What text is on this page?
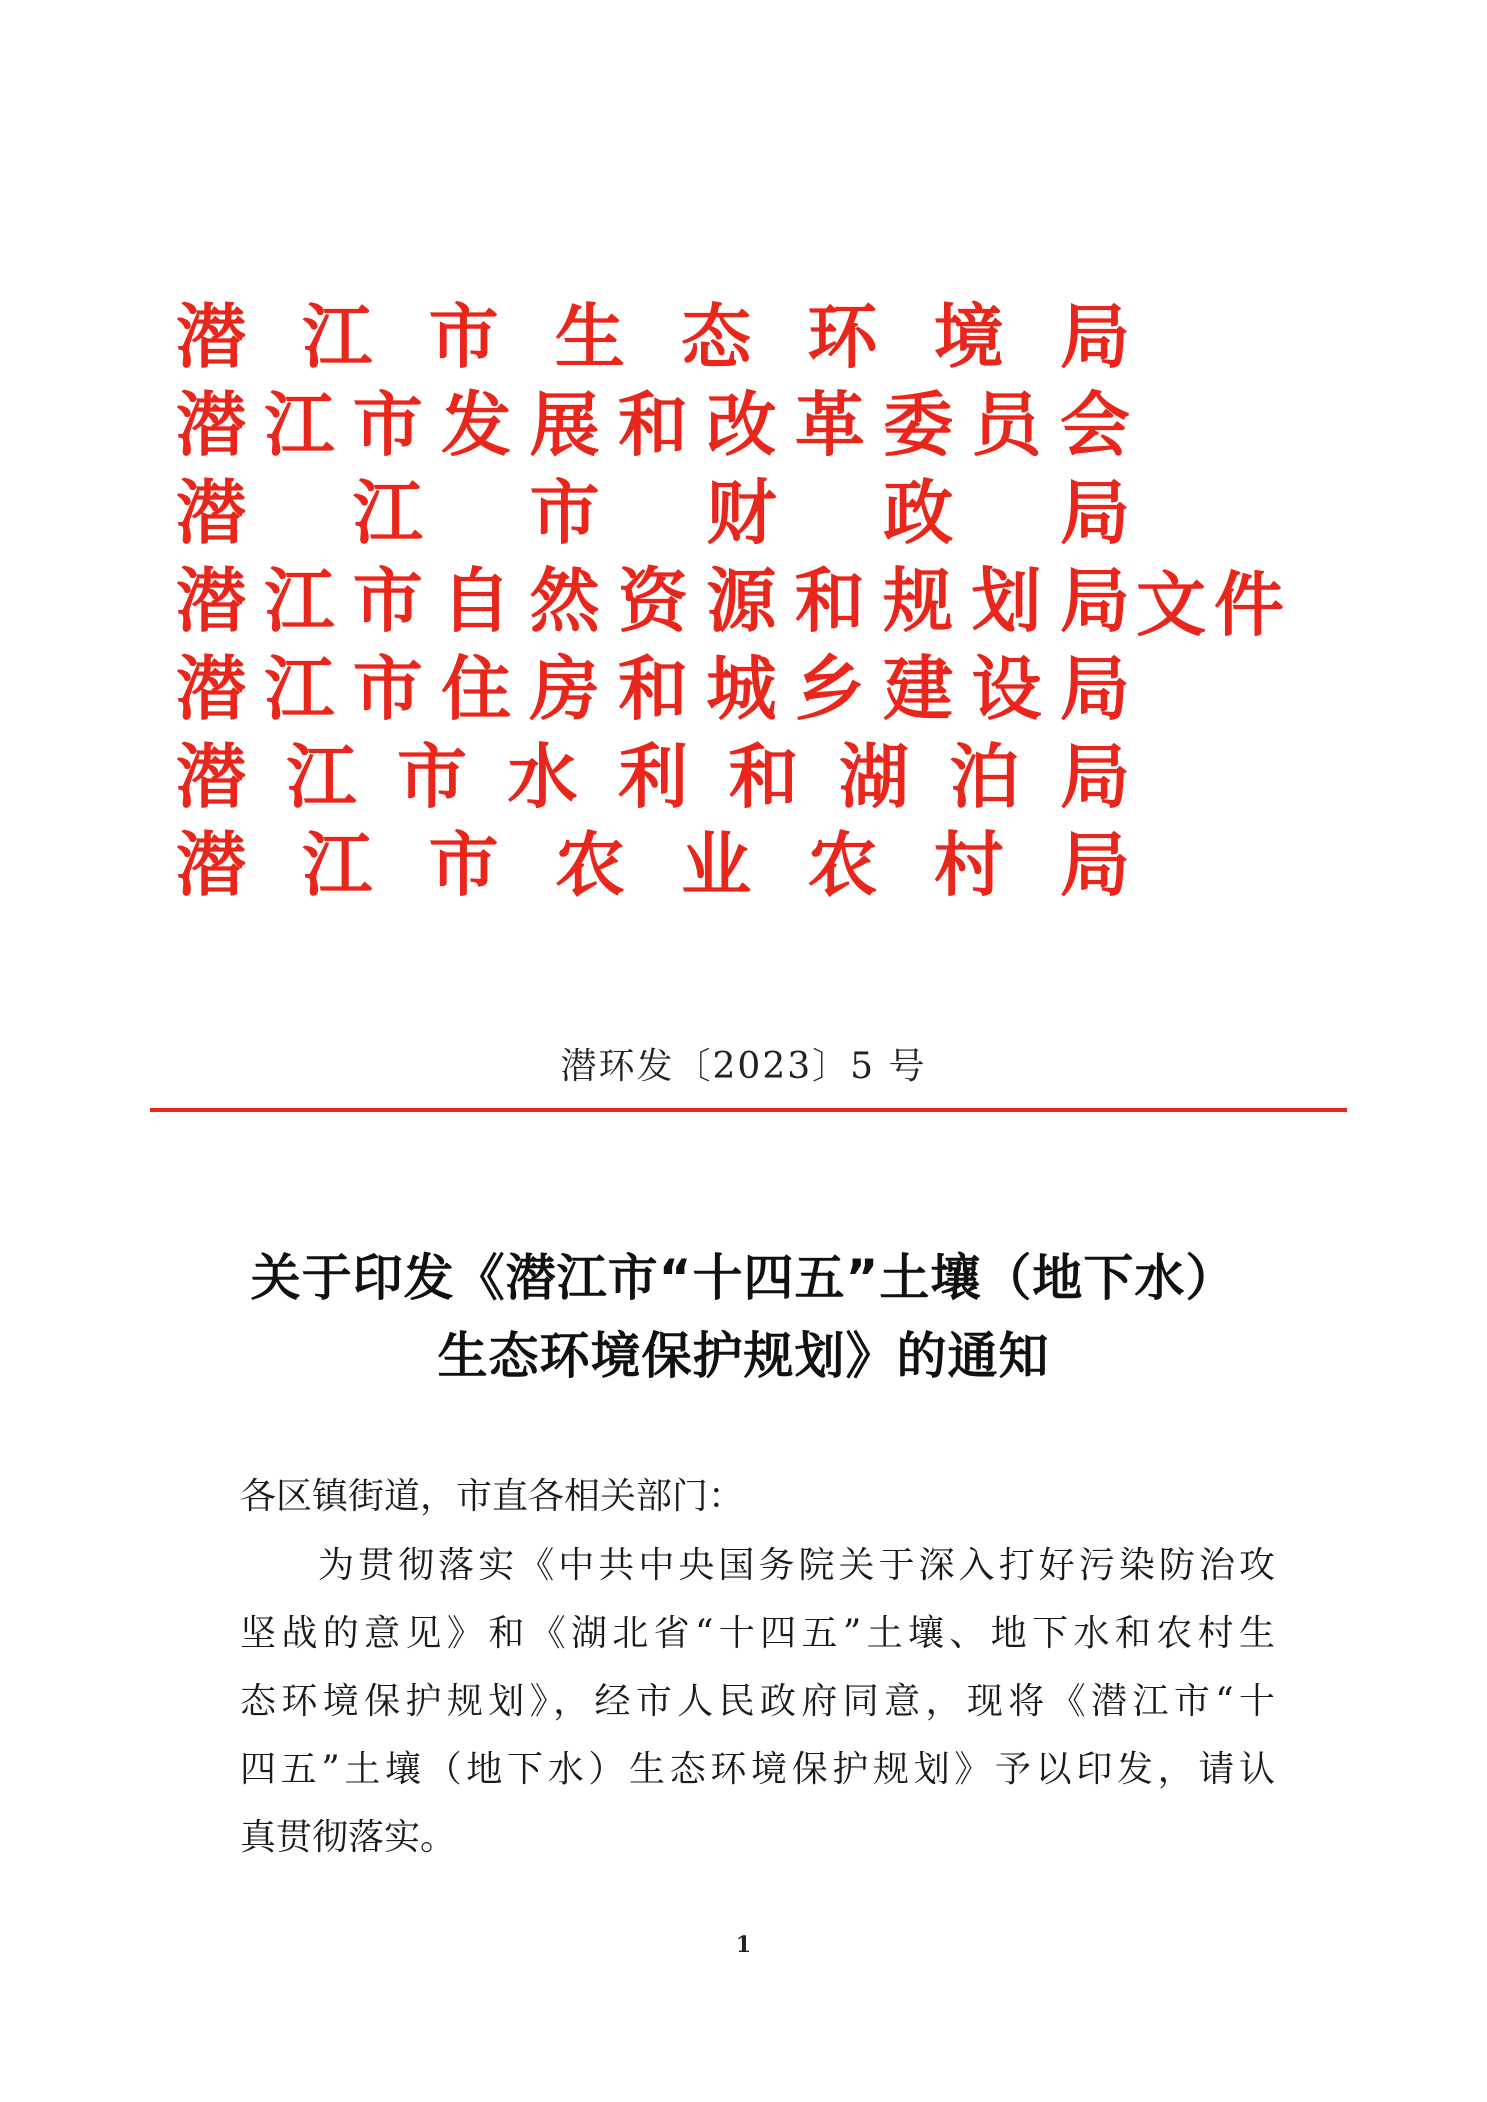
潜 江 市 生 态 环 境 局
潜 江 市 发 展 和 改 革 委 员 会
潜 江 市 财 政 局
潜 江 市 自 然 资 源 和 规 划 局
潜 江 市 住 房 和 城 乡 建 设 局
潜 江 市 水 利 和 湖 泊 局
潜 江 市 农 业 农 村 局
文件
潜环发〔2023〕5 号
关于印发《潜江市“十四五”土壤（地下水）
生态环境保护规划》的通知
各区镇街道，市直各相关部门：
为贯彻落实《中共中央国务院关于深入打好污染防治攻
坚战的意见》和《湖北省“十四五”土壤、地下水和农村生
态环境保护规划》，经市人民政府同意，现将《潜江市“十
四五”土壤（地下水）生态环境保护规划》予以印发，请认
真贯彻落实。
1
